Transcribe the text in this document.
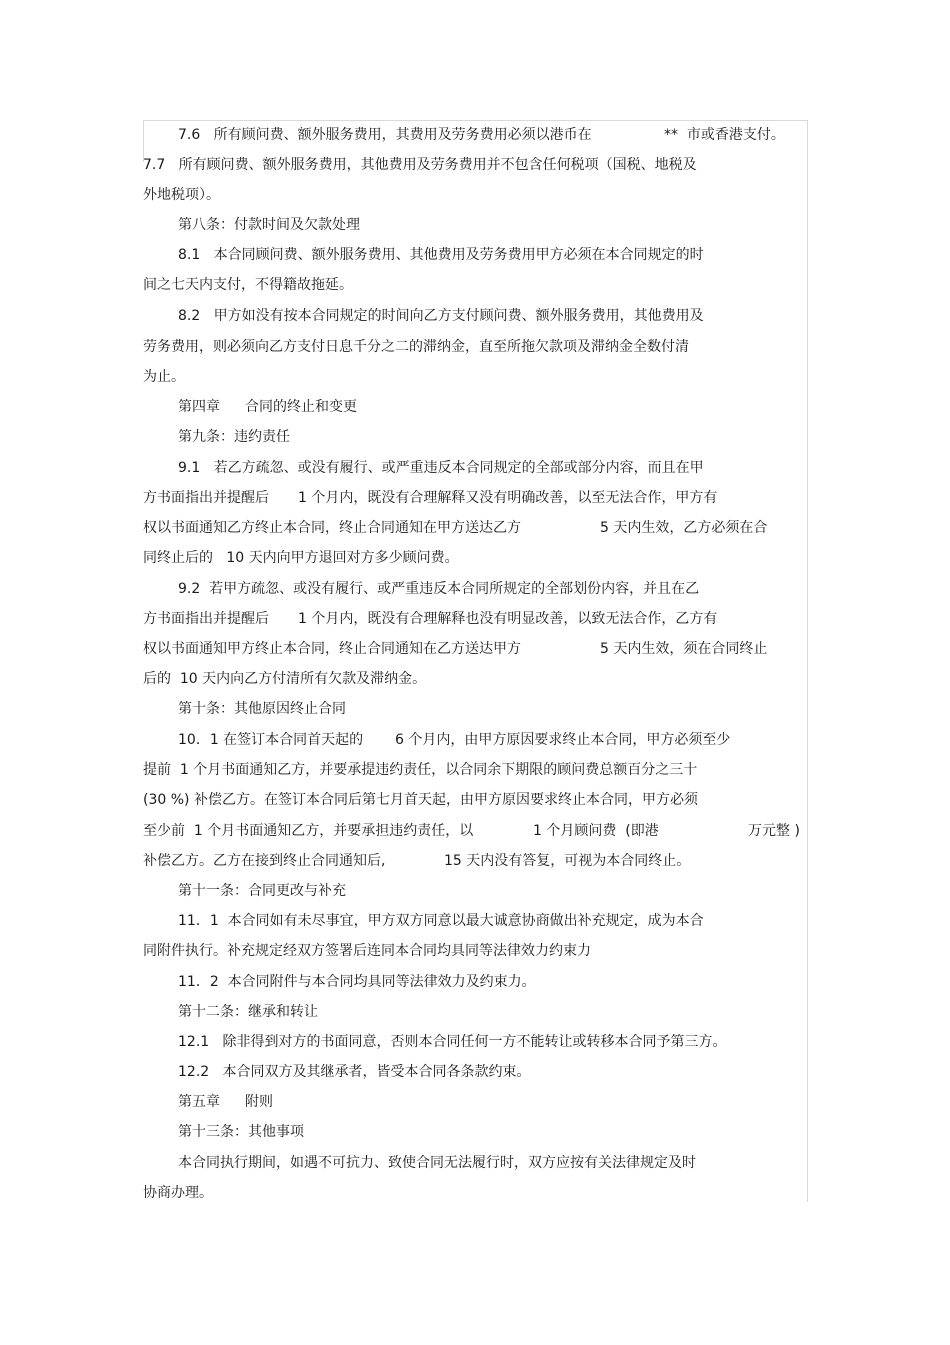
7.6   所有顾问费、额外服务费用，其费用及劳务费用必须以港币在	**  市或香港支付。
7.7   所有顾问费、额外服务费用，其他费用及劳务费用并不包含任何税项（国税、地税及
外地税项）。
第八条：付款时间及欠款处理
8.1   本合同顾问费、额外服务费用、其他费用及劳务费用甲方必须在本合同规定的时
间之七天内支付，不得籍故拖延。
8.2   甲方如没有按本合同规定的时间向乙方支付顾问费、额外服务费用，其他费用及
劳务费用，则必须向乙方支付日息千分之二的滞纳金，直至所拖欠款项及滞纳金全数付清
为止。
第四章 合同的终止和变更
第九条：违约责任
9.1   若乙方疏忽、或没有履行、或严重违反本合同规定的全部或部分内容，而且在甲
方书面指出并提醒后 1 个月内，既没有合理解释又没有明确改善，以至无法合作，甲方有
权以书面通知乙方终止本合同，终止合同通知在甲方送达乙方	5 天内生效，乙方必须在合
同终止后的   10 天内向甲方退回对方多少顾问费。
9.2  若甲方疏忽、或没有履行、或严重违反本合同所规定的全部划份内容，并且在乙
方书面指出并提醒后 1 个月内，既没有合理解释也没有明显改善，以致无法合作，乙方有
权以书面通知甲方终止本合同，终止合同通知在乙方送达甲方	5 天内生效，须在合同终止
后的  10 天内向乙方付清所有欠款及滞纳金。
第十条：其他原因终止合同
10．1 在签订本合同首天起的 6 个月内，由甲方原因要求终止本合同，甲方必须至少
提前  1 个月书面通知乙方，并要承提违约责任，以合同余下期限的顾问费总额百分之三十
(30 %) 补偿乙方。在签订本合同后第七月首天起，由甲方原因要求终止本合同，甲方必须
至少前  1 个月书面通知乙方，并要承担违约责任，以	1 个月顾问费  (即港	万元整 )
补偿乙方。乙方在接到终止合同通知后,	15 天内没有答复，可视为本合同终止。
第十一条：合同更改与补充
11．1  本合同如有未尽事宜，甲方双方同意以最大诚意协商做出补充规定，成为本合
同附件执行。补充规定经双方签署后连同本合同均具同等法律效力约束力
11．2  本合同附件与本合同均具同等法律效力及约束力。
第十二条：继承和转让
12.1   除非得到对方的书面同意，否则本合同任何一方不能转让或转移本合同予第三方。
12.2   本合同双方及其继承者，皆受本合同各条款约束。
第五章 附则
第十三条：其他事项
本合同执行期间，如遇不可抗力、致使合同无法履行时，双方应按有关法律规定及时
协商办理。
